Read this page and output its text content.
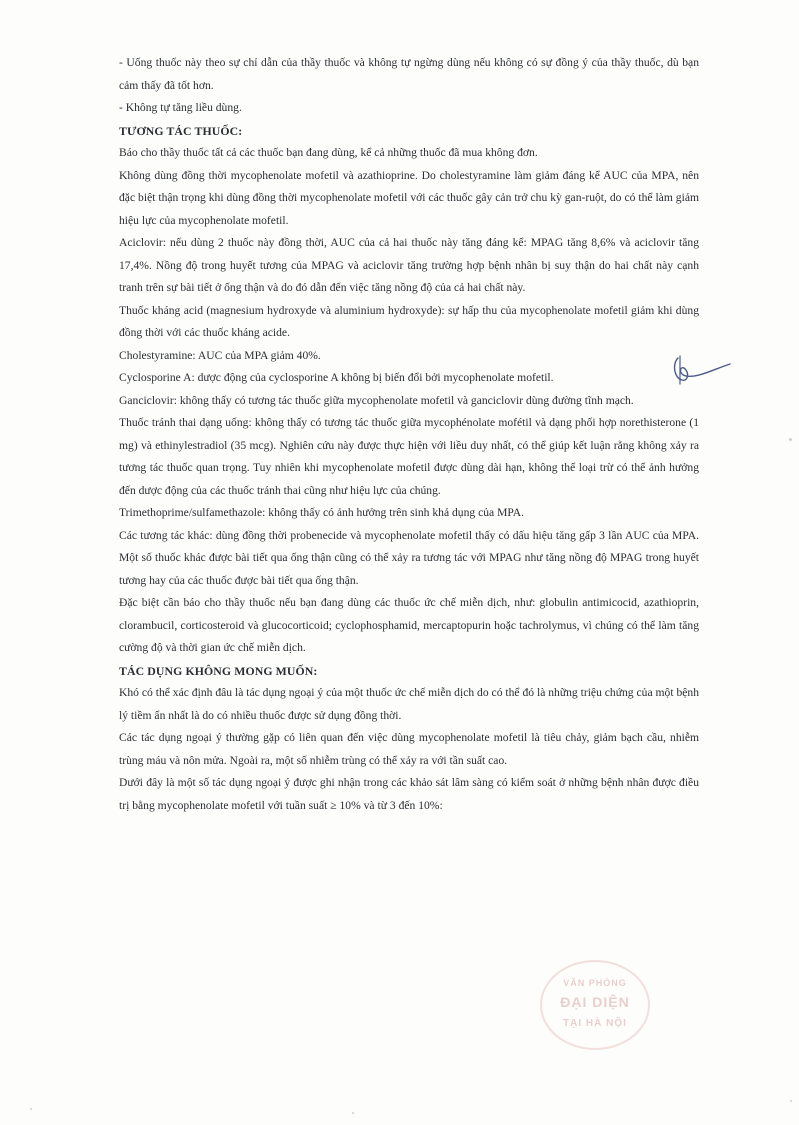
- Uống thuốc này theo sự chỉ dẫn của thầy thuốc và không tự ngừng dùng nếu không có sự đồng ý của thầy thuốc, dù bạn cảm thấy đã tốt hơn.

- Không tự tăng liều dùng.

TƯƠNG TÁC THUỐC:

Báo cho thầy thuốc tất cả các thuốc bạn đang dùng, kể cả những thuốc đã mua không đơn.

Không dùng đồng thời mycophenolate mofetil và azathioprine. Do cholestyramine làm giảm đáng kể AUC của MPA, nên đặc biệt thận trọng khi dùng đồng thời mycophenolate mofetil với các thuốc gây cản trở chu kỳ gan-ruột, do có thể làm giảm hiệu lực của mycophenolate mofetil.

Aciclovir: nếu dùng 2 thuốc này đồng thời, AUC của cả hai thuốc này tăng đáng kể: MPAG tăng 8,6% và aciclovir tăng 17,4%. Nồng độ trong huyết tương của MPAG và aciclovir tăng trường hợp bệnh nhân bị suy thận do hai chất này cạnh tranh trên sự bài tiết ở ống thận và do đó dẫn đến việc tăng nồng độ của cả hai chất này.

Thuốc kháng acid (magnesium hydroxyde và aluminium hydroxyde): sự hấp thu của mycophenolate mofetil giảm khi dùng đồng thời với các thuốc kháng acide.

Cholestyramine: AUC của MPA giảm 40%.

Cyclosporine A: dược động của cyclosporine A không bị biến đổi bởi mycophenolate mofetil.

Ganciclovir: không thấy có tương tác thuốc giữa mycophenolate mofetil và ganciclovir dùng đường tĩnh mạch.

Thuốc tránh thai dạng uống: không thấy có tương tác thuốc giữa mycophénolate mofétil và dạng phối hợp norethisterone (1 mg) và ethinylestradiol (35 mcg). Nghiên cứu này được thực hiện với liều duy nhất, có thể giúp kết luận rằng không xảy ra tương tác thuốc quan trọng. Tuy nhiên khi mycophenolate mofetil được dùng dài hạn, không thể loại trừ có thể ảnh hưởng đến dược động của các thuốc tránh thai cũng như hiệu lực của chúng.

Trimethoprime/sulfamethazole: không thấy có ảnh hưởng trên sinh khả dụng của MPA.

Các tương tác khác: dùng đồng thời probenecide và mycophenolate mofetil thấy có dấu hiệu tăng gấp 3 lần AUC của MPA. Một số thuốc khác được bài tiết qua ống thận cũng có thể xảy ra tương tác với MPAG như tăng nồng độ MPAG trong huyết tương hay của các thuốc được bài tiết qua ống thận.

Đặc biệt cần báo cho thầy thuốc nếu bạn đang dùng các thuốc ức chế miễn dịch, như: globulin antimicocid, azathioprin, clorambucil, corticosteroid và glucocorticoid; cyclophosphamid, mercaptopurin hoặc tachrolymus, vì chúng có thể làm tăng cường độ và thời gian ức chế miễn dịch.

TÁC DỤNG KHÔNG MONG MUỐN:

Khó có thể xác định đâu là tác dụng ngoại ý của một thuốc ức chế miễn dịch do có thể đó là những triệu chứng của một bệnh lý tiềm ẩn nhất là do có nhiều thuốc được sử dụng đồng thời.

Các tác dụng ngoại ý thường gặp có liên quan đến việc dùng mycophenolate mofetil là tiêu chảy, giảm bạch cầu, nhiễm trùng máu và nôn mửa. Ngoài ra, một số nhiễm trùng có thể xảy ra với tần suất cao.

Dưới đây là một số tác dụng ngoại ý được ghi nhận trong các khảo sát lâm sàng có kiểm soát ở những bệnh nhân được điều trị bằng mycophenolate mofetil với tuần suất ≥ 10% và từ 3 đến 10%:

VĂN PHÒNG
ĐẠI DIỆN
TẠI HÀ NỘI
